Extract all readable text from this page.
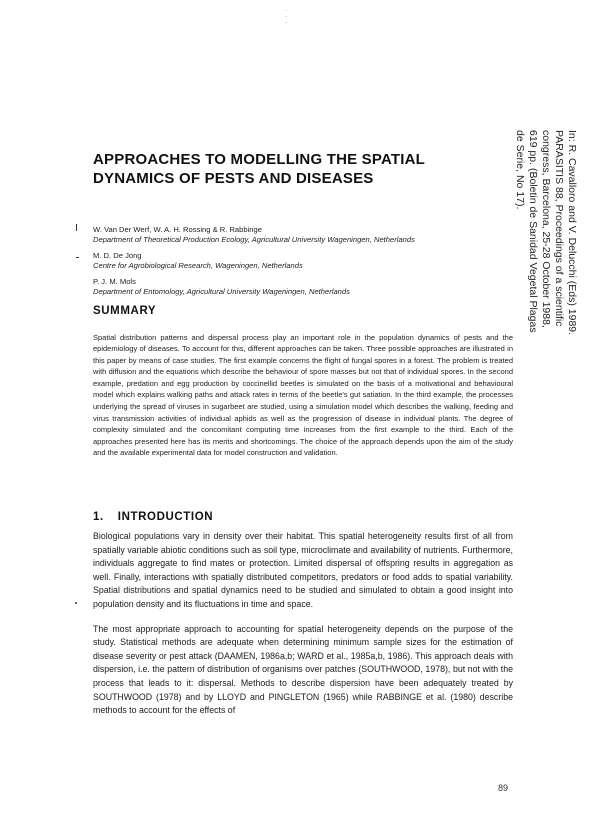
·
·
·
In: R. Cavalloro and V. Delucchi (Eds) 1989.
PARASITIS 88, Proceedings of a scientific
congress, Barcelona, 25-28 October 1988,
619 pp. (Boletin de Sanidad Vegetal Plagas
de Serie, No 17).
APPROACHES TO MODELLING THE SPATIAL
DYNAMICS OF PESTS AND DISEASES
W. Van Der Werf, W. A. H. Rossing & R. Rabbinge
Department of Theoretical Production Ecology, Agricultural University Wageningen, Netherlands
M. D. De Jong
Centre for Agrobiological Research, Wageningen, Netherlands
P. J. M. Mols
Department of Entomology, Agricultural University Wageningen, Netherlands
SUMMARY

Spatial distribution patterns and dispersal process play an important role in the population dynamics of pests and the epidemiology of diseases. To account for this, different approaches can be taken. Three possible approaches are illustrated in this paper by means of case studies. The first example concerns the flight of fungal spores in a forest. The problem is treated with diffusion and the equations which describe the behaviour of spore masses but not that of individual spores. In the second example, predation and egg production by coccinellid beetles is simulated on the basis of a motivational and behavioural model which explains walking paths and attack rates in terms of the beetle's gut satiation. In the third example, the processes underlying the spread of viruses in sugarbeet are studied, using a simulation model which describes the walking, feeding and virus transmission activities of individual aphids as well as the progression of disease in individual plants. The degree of complexity simulated and the concomitant computing time increases from the first example to the third. Each of the approaches presented here has its merits and shortcomings. The choice of the approach depends upon the aim of the study and the available experimental data for model construction and validation.

1. INTRODUCTION

Biological populations vary in density over their habitat. This spatial heterogeneity results first of all from spatially variable abiotic conditions such as soil type, microclimate and availability of nutrients. Furthermore, individuals aggregate to find mates or protection. Limited dispersal of offspring results in aggregation as well. Finally, interactions with spatially distributed competitors, predators or food adds to spatial variability. Spatial distributions and spatial dynamics need to be studied and simulated to obtain a good insight into population density and its fluctuations in time and space.

The most appropriate approach to accounting for spatial heterogeneity depends on the purpose of the study. Statistical methods are adequate when determining minimum sample sizes for the estimation of disease severity or pest attack (DAAMEN, 1986a,b; WARD et al., 1985a,b, 1986). This approach deals with dispersion, i.e. the pattern of distribution of organisms over patches (SOUTHWOOD, 1978), but not with the process that leads to it: dispersal. Methods to describe dispersion have been adequately treated by SOUTHWOOD (1978) and by LLOYD and PINGLETON (1965) while RABBINGE et al. (1980) describe methods to account for the effects of

89
